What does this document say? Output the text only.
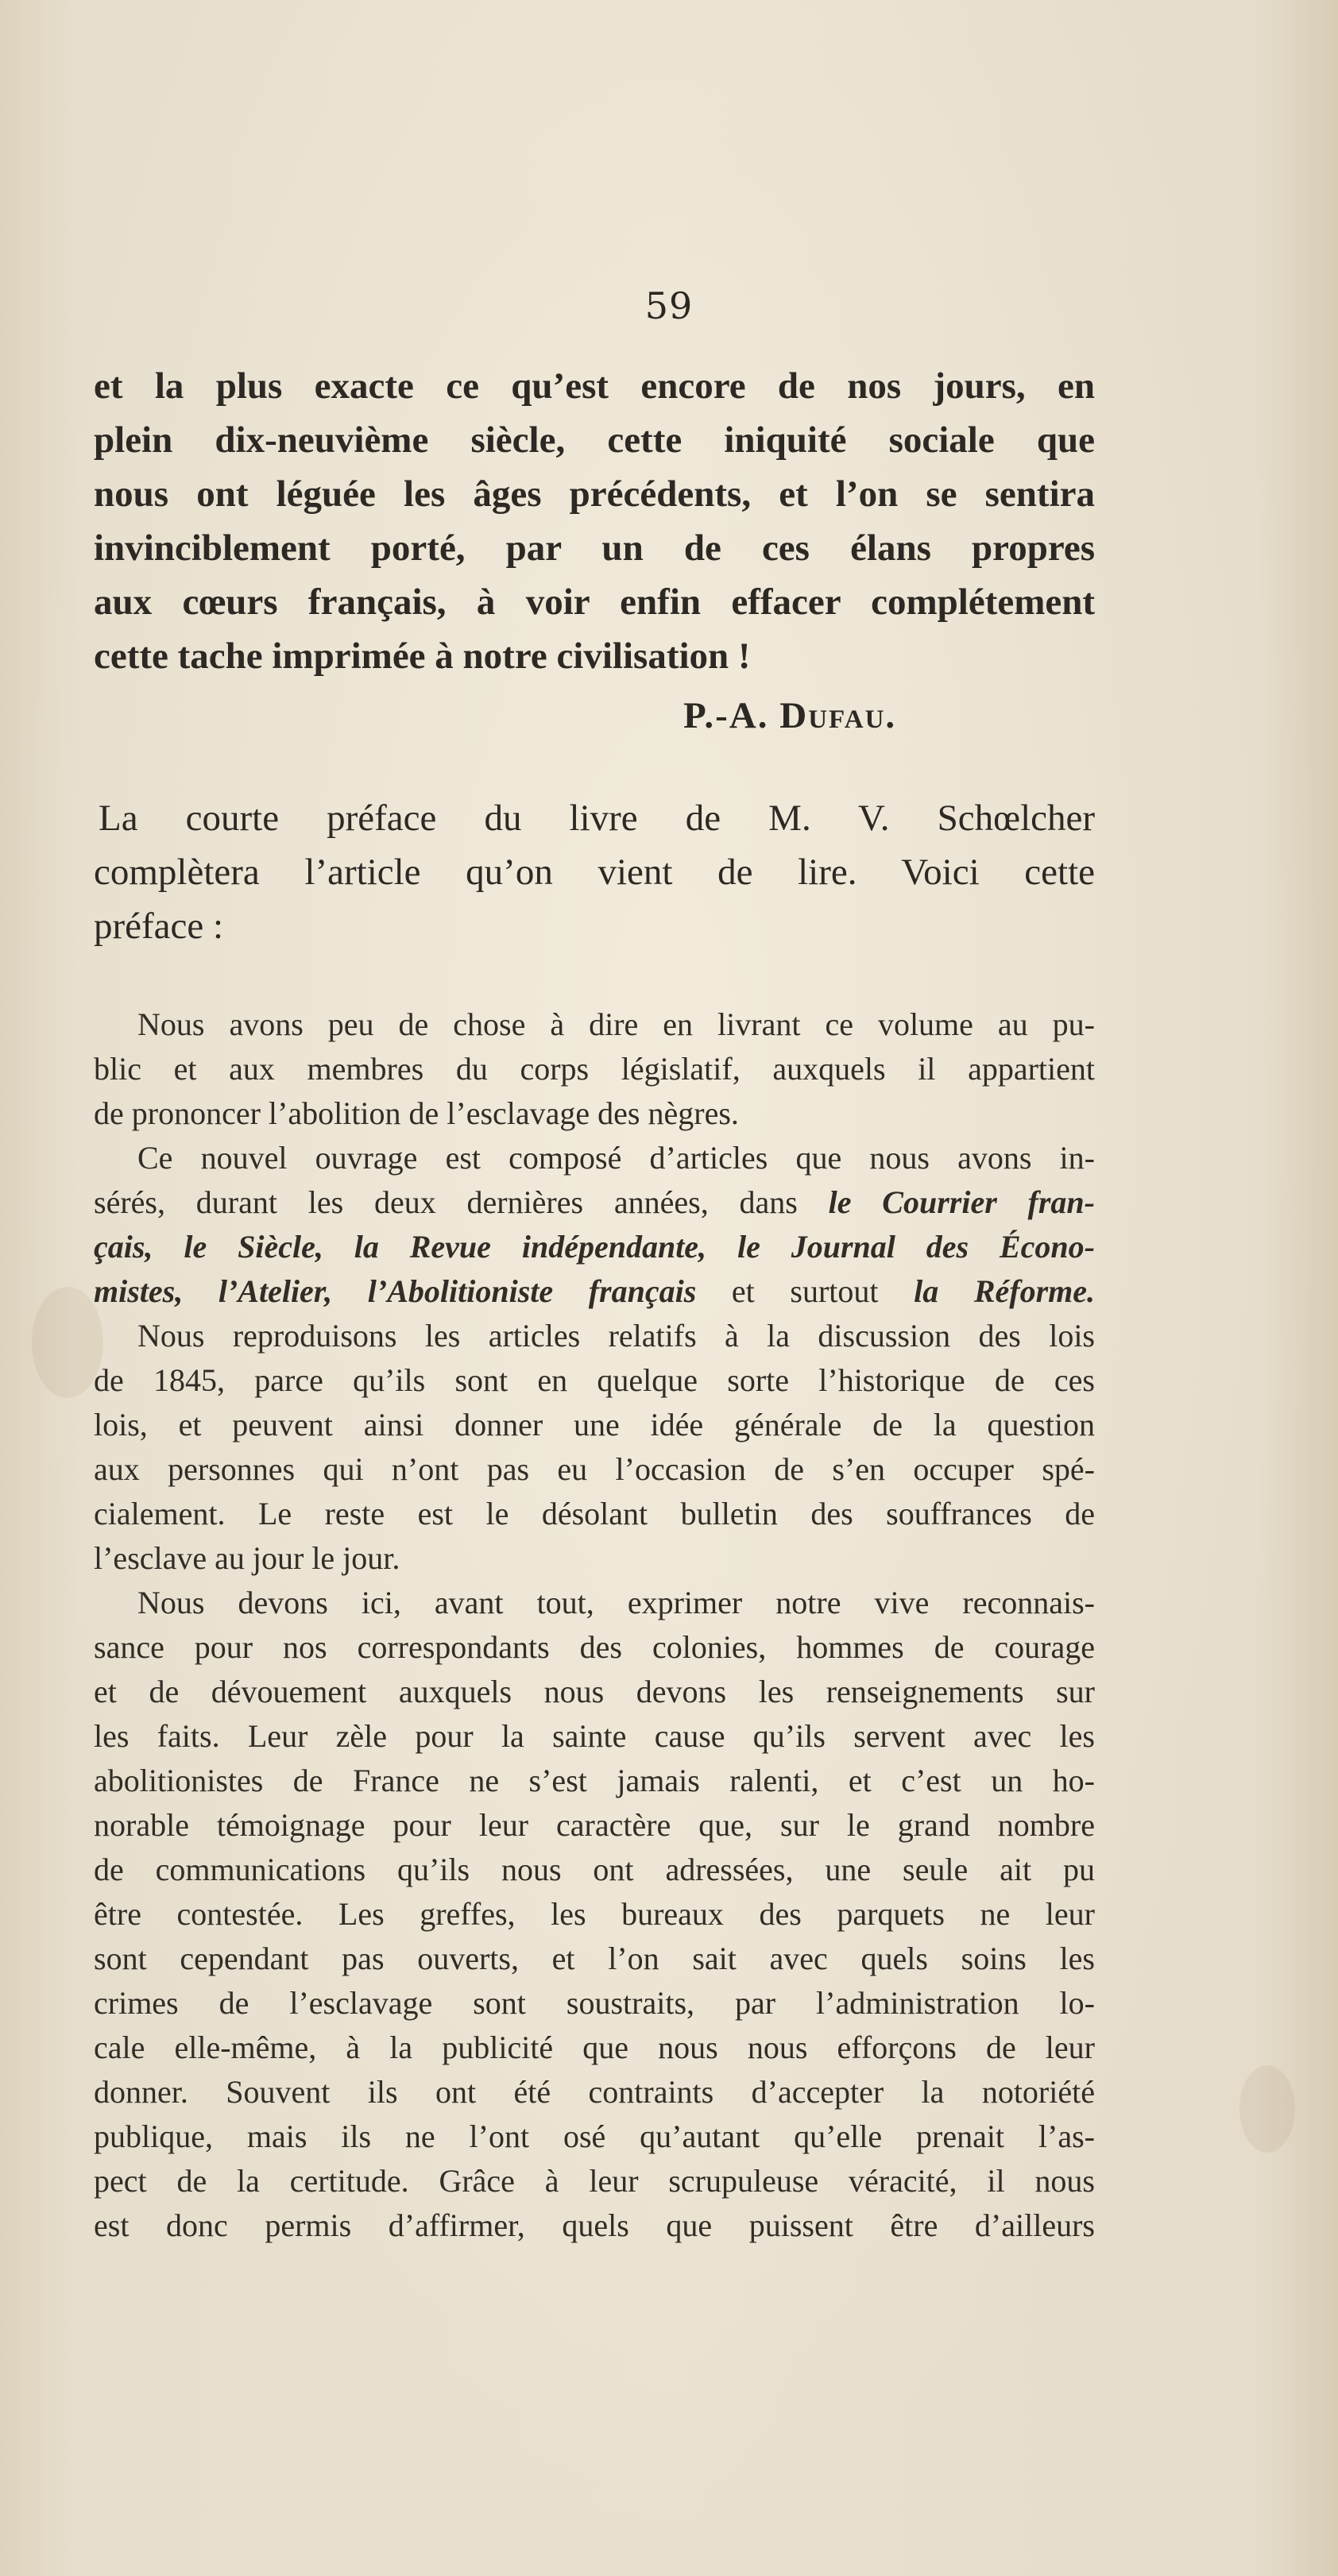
59
et la plus exacte ce qu’est encore de nos jours, en
plein dix-neuvième siècle, cette iniquité sociale que
nous ont léguée les âges précédents, et l’on se sentira
invinciblement porté, par un de ces élans propres
aux cœurs français, à voir enfin effacer complétement
cette tache imprimée à notre civilisation !
P.-A. Dufau.
La courte préface du livre de M. V. Schœlcher
complètera l’article qu’on vient de lire. Voici cette
préface :
Nous avons peu de chose à dire en livrant ce volume au pu-
blic et aux membres du corps législatif, auxquels il appartient
de prononcer l’abolition de l’esclavage des nègres.
Ce nouvel ouvrage est composé d’articles que nous avons in-
sérés, durant les deux dernières années, dans le Courrier fran-
çais, le Siècle, la Revue indépendante, le Journal des Écono-
mistes, l’Atelier, l’Abolitioniste français et surtout la Réforme.
Nous reproduisons les articles relatifs à la discussion des lois
de 1845, parce qu’ils sont en quelque sorte l’historique de ces
lois, et peuvent ainsi donner une idée générale de la question
aux personnes qui n’ont pas eu l’occasion de s’en occuper spé-
cialement. Le reste est le désolant bulletin des souffrances de
l’esclave au jour le jour.
Nous devons ici, avant tout, exprimer notre vive reconnais-
sance pour nos correspondants des colonies, hommes de courage
et de dévouement auxquels nous devons les renseignements sur
les faits. Leur zèle pour la sainte cause qu’ils servent avec les
abolitionistes de France ne s’est jamais ralenti, et c’est un ho-
norable témoignage pour leur caractère que, sur le grand nombre
de communications qu’ils nous ont adressées, une seule ait pu
être contestée. Les greffes, les bureaux des parquets ne leur
sont cependant pas ouverts, et l’on sait avec quels soins les
crimes de l’esclavage sont soustraits, par l’administration lo-
cale elle-même, à la publicité que nous nous efforçons de leur
donner. Souvent ils ont été contraints d’accepter la notoriété
publique, mais ils ne l’ont osé qu’autant qu’elle prenait l’as-
pect de la certitude. Grâce à leur scrupuleuse véracité, il nous
est donc permis d’affirmer, quels que puissent être d’ailleurs
